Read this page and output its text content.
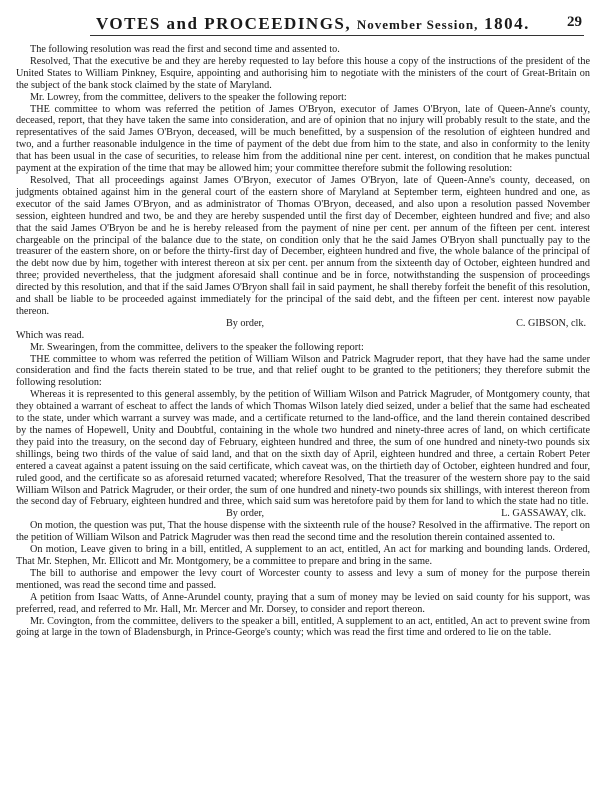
VOTES and PROCEEDINGS, November Session, 1804. 29

The following resolution was read the first and second time and assented to.

Resolved, That the executive be and they are hereby requested to lay before this house a copy of the instructions of the president of the United States to William Pinkney, Esquire, appointing and authorising him to negotiate with the ministers of the court of Great-Britain on the subject of the bank stock claimed by the state of Maryland.

Mr. Lowrey, from the committee, delivers to the speaker the following report:

THE committee to whom was referred the petition of James O'Bryon, executor of James O'Bryon, late of Queen-Anne's county, deceased, report, that they have taken the same into consideration, and are of opinion that no injury will probably result to the state, and the representatives of the said James O'Bryon, deceased, will be much benefitted, by a suspension of the resolution of eighteen hundred and two, and a further reasonable indulgence in the time of payment of the debt due from him to the state, and also in conformity to the lenity that has been usual in the case of securities, to release him from the additional nine per cent. interest, on condition that he makes punctual payment at the expiration of the time that may be allowed him; your committee therefore submit the following resolution:

Resolved, That all proceedings against James O'Bryon, executor of James O'Bryon, late of Queen-Anne's county, deceased, on judgments obtained against him in the general court of the eastern shore of Maryland at September term, eighteen hundred and one, as executor of the said James O'Bryon, and as administrator of Thomas O'Bryon, deceased, and also upon a resolution passed November session, eighteen hundred and two, be and they are hereby suspended until the first day of December, eighteen hundred and five; and also that the said James O'Bryon be and he is hereby released from the payment of nine per cent. per annum of the fifteen per cent. interest chargeable on the principal of the balance due to the state, on condition only that he the said James O'Bryon shall punctually pay to the treasurer of the eastern shore, on or before the thirty-first day of December, eighteen hundred and five, the whole balance of the principal of the debt now due by him, together with interest thereon at six per cent. per annum from the sixteenth day of October, eighteen hundred and three; provided nevertheless, that the judgment aforesaid shall continue and be in force, notwithstanding the suspension of proceedings directed by this resolution, and that if the said James O'Bryon shall fail in said payment, he shall thereby forfeit the benefit of this resolution, and shall be liable to be proceeded against immediately for the principal of the said debt, and the fifteen per cent. interest now payable thereon.

By order,	C. GIBSON, clk.

Which was read.

Mr. Swearingen, from the committee, delivers to the speaker the following report:

THE committee to whom was referred the petition of William Wilson and Patrick Magruder report, that they have had the same under consideration and find the facts therein stated to be true, and that relief ought to be granted to the petitioners; they therefore submit the following resolution:

Whereas it is represented to this general assembly, by the petition of William Wilson and Patrick Magruder, of Montgomery county, that they obtained a warrant of escheat to affect the lands of which Thomas Wilson lately died seized, under a belief that the same had escheated to the state, under which warrant a survey was made, and a certificate returned to the land-office, and the land therein contained described by the names of Hopewell, Unity and Doubtful, containing in the whole two hundred and ninety-three acres of land, on which certificate they paid into the treasury, on the second day of February, eighteen hundred and three, the sum of one hundred and ninety-two pounds six shillings, being two thirds of the value of said land, and that on the sixth day of April, eighteen hundred and three, a certain Robert Peter entered a caveat against a patent issuing on the said certificate, which caveat was, on the thirtieth day of October, eighteen hundred and four, ruled good, and the certificate so as aforesaid returned vacated; wherefore Resolved, That the treasurer of the western shore pay to the said William Wilson and Patrick Magruder, or their order, the sum of one hundred and ninety-two pounds six shillings, with interest thereon from the second day of February, eighteen hundred and three, which said sum was heretofore paid by them for land to which the state had no title.

By order,	L. GASSAWAY, clk.

On motion, the question was put, That the house dispense with the sixteenth rule of the house? Resolved in the affirmative. The report on the petition of William Wilson and Patrick Magruder was then read the second time and the resolution therein contained assented to.

On motion, Leave given to bring in a bill, entitled, A supplement to an act, entitled, An act for marking and bounding lands. Ordered, That Mr. Stephen, Mr. Ellicott and Mr. Montgomery, be a committee to prepare and bring in the same.

The bill to authorise and empower the levy court of Worcester county to assess and levy a sum of money for the purpose therein mentioned, was read the second time and passed.

A petition from Isaac Watts, of Anne-Arundel county, praying that a sum of money may be levied on said county for his support, was preferred, read, and referred to Mr. Hall, Mr. Mercer and Mr. Dorsey, to consider and report thereon.

Mr. Covington, from the committee, delivers to the speaker a bill, entitled, A supplement to an act, entitled, An act to prevent swine from going at large in the town of Bladensburgh, in Prince-George's county; which was read the first time and ordered to lie on the table.
